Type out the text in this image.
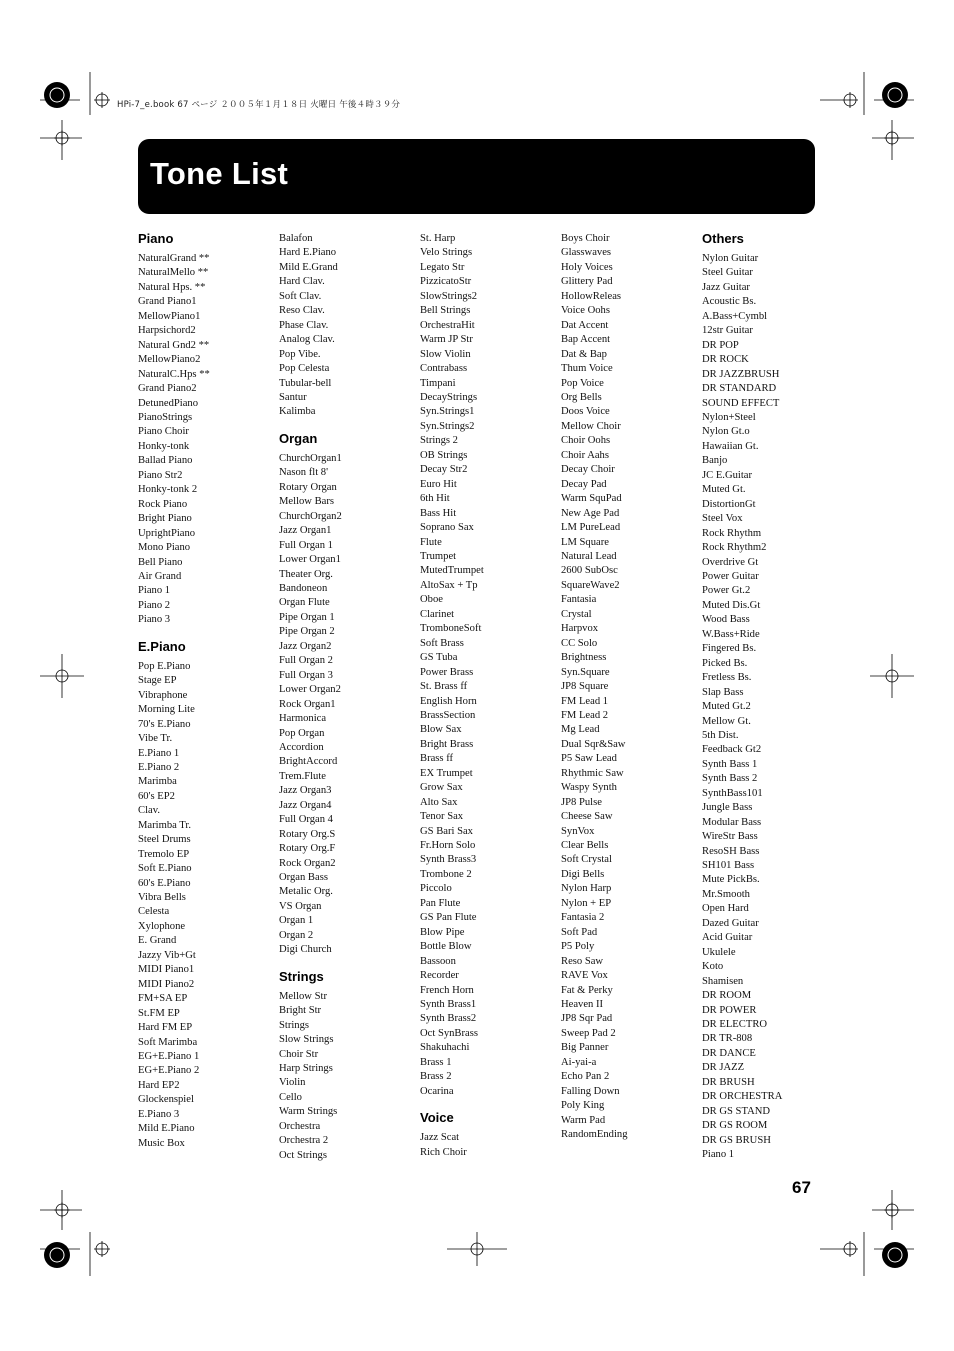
HPi-7_e.book 67 ページ ２００５年１月１８日 火曜日 午後４時３９分
Tone List
Piano
NaturalGrand **
NaturalMello **
Natural Hps. **
Grand Piano1
MellowPiano1
Harpsichord2
Natural Gnd2 **
MellowPiano2
NaturalC.Hps **
Grand Piano2
DetunedPiano
PianoStrings
Piano Choir
Honky-tonk
Ballad Piano
Piano Str2
Honky-tonk 2
Rock Piano
Bright Piano
UprightPiano
Mono Piano
Bell Piano
Air Grand
Piano 1
Piano 2
Piano 3
E.Piano
Pop E.Piano
Stage EP
Vibraphone
Morning Lite
70's E.Piano
Vibe Tr.
E.Piano 1
E.Piano 2
Marimba
60's EP2
Clav.
Marimba Tr.
Steel Drums
Tremolo EP
Soft E.Piano
60's E.Piano
Vibra Bells
Celesta
Xylophone
E. Grand
Jazzy Vib+Gt
MIDI Piano1
MIDI Piano2
FM+SA EP
St.FM EP
Hard FM EP
Soft Marimba
EG+E.Piano 1
EG+E.Piano 2
Hard EP2
Glockenspiel
E.Piano 3
Mild E.Piano
Music Box
Balafon
Hard E.Piano
Mild E.Grand
Hard Clav.
Soft Clav.
Reso Clav.
Phase Clav.
Analog Clav.
Pop Vibe.
Pop Celesta
Tubular-bell
Santur
Kalimba
Organ
ChurchOrgan1
Nason flt 8'
Rotary Organ
Mellow Bars
ChurchOrgan2
Jazz Organ1
Full Organ 1
Lower Organ1
Theater Org.
Bandoneon
Organ Flute
Pipe Organ 1
Pipe Organ 2
Jazz Organ2
Full Organ 2
Full Organ 3
Lower Organ2
Rock Organ1
Harmonica
Pop Organ
Accordion
BrightAccord
Trem.Flute
Jazz Organ3
Jazz Organ4
Full Organ 4
Rotary Org.S
Rotary Org.F
Rock Organ2
Organ Bass
Metalic Org.
VS Organ
Organ 1
Organ 2
Digi Church
Strings
Mellow Str
Bright Str
Strings
Slow Strings
Choir Str
Harp Strings
Violin
Cello
Warm Strings
Orchestra
Orchestra 2
Oct Strings
St. Harp
Velo Strings
Legato Str
PizzicatoStr
SlowStrings2
Bell Strings
OrchestraHit
Warm JP Str
Slow Violin
Contrabass
Timpani
DecayStrings
Syn.Strings1
Syn.Strings2
Strings 2
OB Strings
Decay Str2
Euro Hit
6th Hit
Bass Hit
Soprano Sax
Flute
Trumpet
MutedTrumpet
AltoSax + Tp
Oboe
Clarinet
TromboneSoft
Soft Brass
GS Tuba
Power Brass
St. Brass ff
English Horn
BrassSection
Blow Sax
Bright Brass
Brass ff
EX Trumpet
Grow Sax
Alto Sax
Tenor Sax
GS Bari Sax
Fr.Horn Solo
Synth Brass3
Trombone 2
Piccolo
Pan Flute
GS Pan Flute
Blow Pipe
Bottle Blow
Bassoon
Recorder
French Horn
Synth Brass1
Synth Brass2
Oct SynBrass
Shakuhachi
Brass 1
Brass 2
Ocarina
Voice
Jazz Scat
Rich Choir
Boys Choir
Glasswaves
Holy Voices
Glittery Pad
HollowReleas
Voice Oohs
Dat Accent
Bap Accent
Dat & Bap
Thum Voice
Pop Voice
Org Bells
Doos Voice
Mellow Choir
Choir Oohs
Choir Aahs
Decay Choir
Decay Pad
Warm SquPad
New Age Pad
LM PureLead
LM Square
Natural Lead
2600 SubOsc
SquareWave2
Fantasia
Crystal
Harpvox
CC Solo
Brightness
Syn.Square
JP8 Square
FM Lead 1
FM Lead 2
Mg Lead
Dual Sqr&Saw
P5 Saw Lead
Rhythmic Saw
Waspy Synth
JP8 Pulse
Cheese Saw
SynVox
Clear Bells
Soft Crystal
Digi Bells
Nylon Harp
Nylon + EP
Fantasia 2
Soft Pad
P5 Poly
Reso Saw
RAVE Vox
Fat & Perky
Heaven II
JP8 Sqr Pad
Sweep Pad 2
Big Panner
Ai-yai-a
Echo Pan 2
Falling Down
Poly King
Warm Pad
RandomEnding
Others
Nylon Guitar
Steel Guitar
Jazz Guitar
Acoustic Bs.
A.Bass+Cymbl
12str Guitar
DR POP
DR ROCK
DR JAZZBRUSH
DR STANDARD
SOUND EFFECT
Nylon+Steel
Nylon Gt.o
Hawaiian Gt.
Banjo
JC E.Guitar
Muted Gt.
DistortionGt
Steel Vox
Rock Rhythm
Rock Rhythm2
Overdrive Gt
Power Guitar
Power Gt.2
Muted Dis.Gt
Wood Bass
W.Bass+Ride
Fingered Bs.
Picked Bs.
Fretless Bs.
Slap Bass
Muted Gt.2
Mellow Gt.
5th Dist.
Feedback Gt2
Synth Bass 1
Synth Bass 2
SynthBass101
Jungle Bass
Modular Bass
WireStr Bass
ResoSH Bass
SH101 Bass
Mute PickBs.
Mr.Smooth
Open Hard
Dazed Guitar
Acid Guitar
Ukulele
Koto
Shamisen
DR ROOM
DR POWER
DR ELECTRO
DR TR-808
DR DANCE
DR JAZZ
DR BRUSH
DR ORCHESTRA
DR GS STAND
DR GS ROOM
DR GS BRUSH
Piano 1
67
